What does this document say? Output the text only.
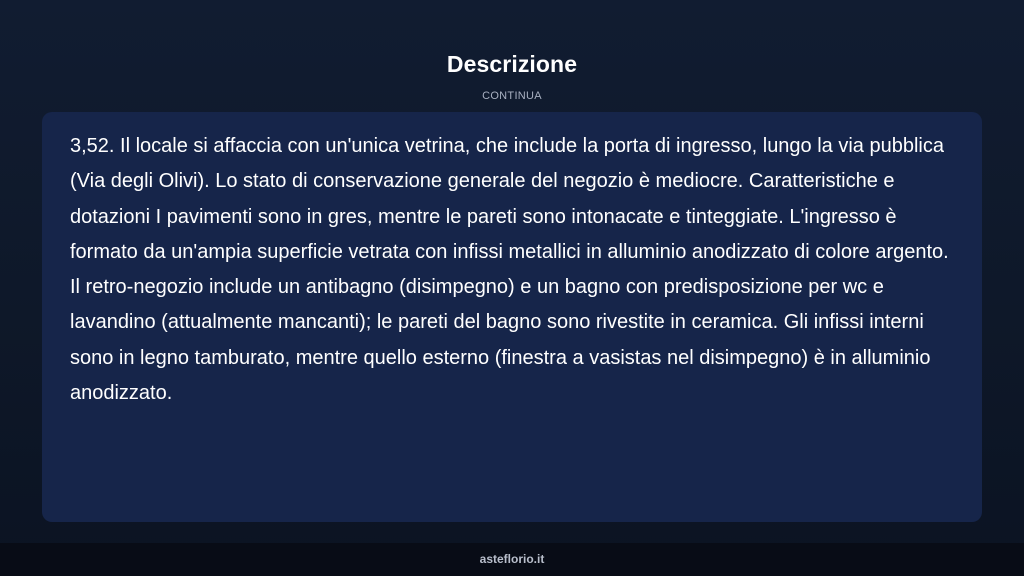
Descrizione
CONTINUA

3,52. Il locale si affaccia con un'unica vetrina, che include la porta di ingresso, lungo la via pubblica (Via degli Olivi). Lo stato di conservazione generale del negozio è mediocre. Caratteristiche e dotazioni I pavimenti sono in gres, mentre le pareti sono intonacate e tinteggiate. L'ingresso è formato da un'ampia superficie vetrata con infissi metallici in alluminio anodizzato di colore argento. Il retro-negozio include un antibagno (disimpegno) e un bagno con predisposizione per wc e lavandino (attualmente mancanti); le pareti del bagno sono rivestite in ceramica. Gli infissi interni sono in legno tamburato, mentre quello esterno (finestra a vasistas nel disimpegno) è in alluminio anodizzato.

asteflorio.it
